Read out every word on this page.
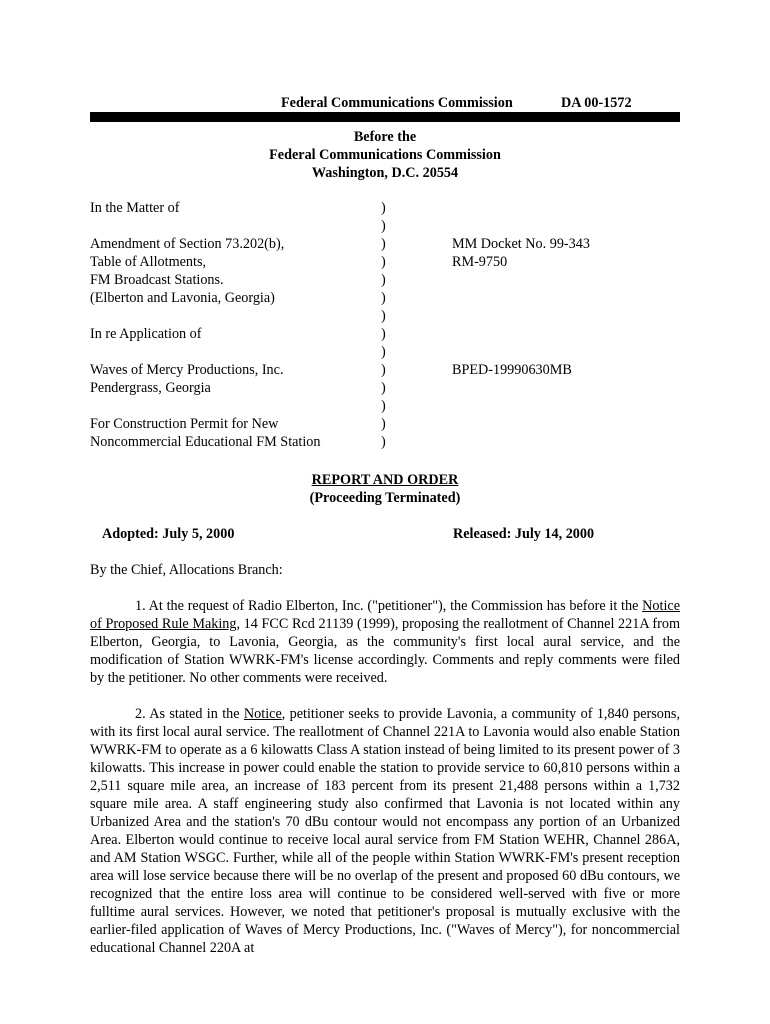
Federal Communications Commission	DA 00-1572
Before the
Federal Communications Commission
Washington, D.C. 20554
In the Matter of
Amendment of Section 73.202(b),
Table of Allotments,
FM Broadcast Stations.
(Elberton and Lavonia, Georgia)
In re Application of
Waves of Mercy Productions, Inc.
Pendergrass, Georgia
For Construction Permit for New
Noncommercial Educational FM Station
)
)
)
)
)
)
)
)
)
)
)
)
)
)
MM Docket No. 99-343
RM-9750
BPED-19990630MB
REPORT AND ORDER
(Proceeding Terminated)
Adopted: July 5, 2000	Released: July 14, 2000
By the Chief, Allocations Branch:

1. At the request of Radio Elberton, Inc. ("petitioner"), the Commission has before it the Notice of Proposed Rule Making, 14 FCC Rcd 21139 (1999), proposing the reallotment of Channel 221A from Elberton, Georgia, to Lavonia, Georgia, as the community's first local aural service, and the modification of Station WWRK-FM's license accordingly. Comments and reply comments were filed by the petitioner. No other comments were received.

2. As stated in the Notice, petitioner seeks to provide Lavonia, a community of 1,840 persons, with its first local aural service. The reallotment of Channel 221A to Lavonia would also enable Station WWRK-FM to operate as a 6 kilowatts Class A station instead of being limited to its present power of 3 kilowatts. This increase in power could enable the station to provide service to 60,810 persons within a 2,511 square mile area, an increase of 183 percent from its present 21,488 persons within a 1,732 square mile area. A staff engineering study also confirmed that Lavonia is not located within any Urbanized Area and the station's 70 dBu contour would not encompass any portion of an Urbanized Area. Elberton would continue to receive local aural service from FM Station WEHR, Channel 286A, and AM Station WSGC. Further, while all of the people within Station WWRK-FM's present reception area will lose service because there will be no overlap of the present and proposed 60 dBu contours, we recognized that the entire loss area will continue to be considered well-served with five or more fulltime aural services. However, we noted that petitioner's proposal is mutually exclusive with the earlier-filed application of Waves of Mercy Productions, Inc. ("Waves of Mercy"), for noncommercial educational Channel 220A at
